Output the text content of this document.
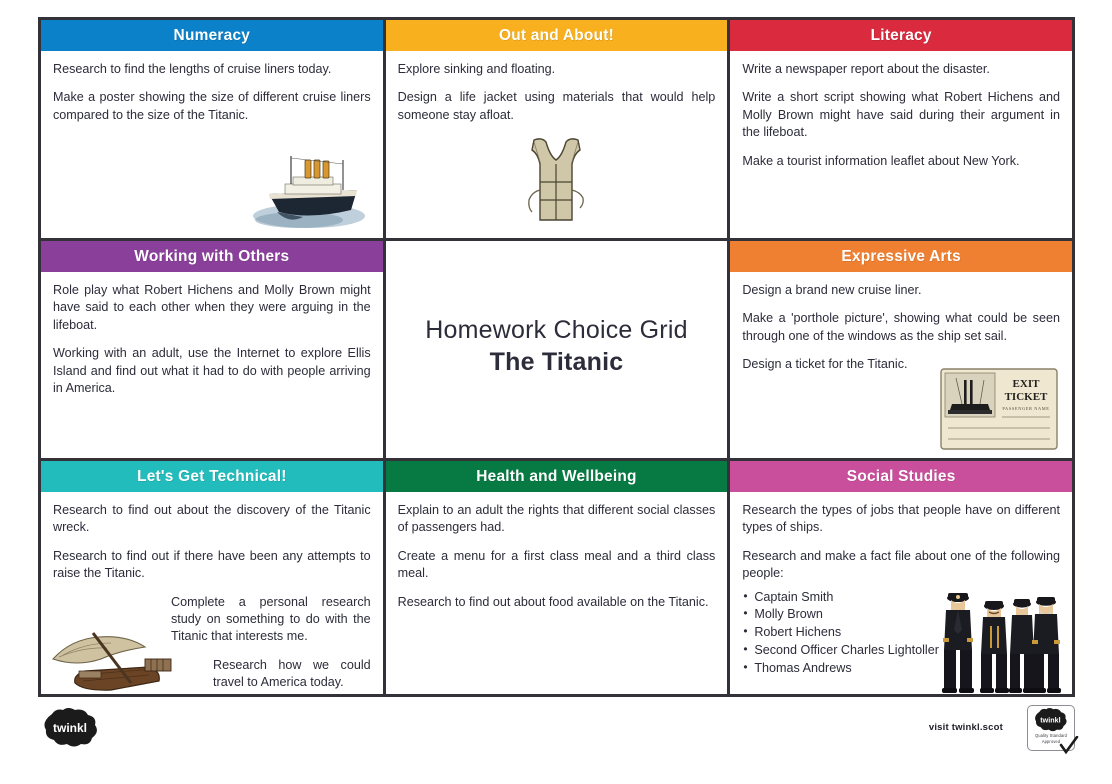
Numeracy

Research to find the lengths of cruise liners today.

Make a poster showing the size of different cruise liners compared to the size of the Titanic.

Out and About!

Explore sinking and floating.

Design a life jacket using materials that would help someone stay afloat.

Literacy

Write a newspaper report about the disaster.

Write a short script showing what Robert Hichens and Molly Brown might have said during their argument in the lifeboat.

Make a tourist information leaflet about New York.

Working with Others

Role play what Robert Hichens and Molly Brown might have said to each other when they were arguing in the lifeboat.

Working with an adult, use the Internet to explore Ellis Island and find out what it had to do with people arriving in America.

Homework Choice Grid
The Titanic
Expressive Arts

Design a brand new cruise liner.

Make a 'porthole picture', showing what could be seen through one of the windows as the ship set sail.

Design a ticket for the Titanic.

EXIT
TICKET
PASSENGER NAME
Let's Get Technical!

Research to find out about the discovery of the Titanic wreck.

Research to find out if there have been any attempts to raise the Titanic.

Complete a personal research study on something to do with the Titanic that interests me.

Research how we could travel to America today.

Health and Wellbeing

Explain to an adult the rights that different social classes of passengers had.

Create a menu for a first class meal and a third class meal.

Research to find out about food available on the Titanic.

Social Studies

Research the types of jobs that people have on different types of ships.

Research and make a fact file about one of the following people:

• Captain Smith
• Molly Brown
• Robert Hichens
• Second Officer Charles Lightoller
• Thomas Andrews
twinkl	visit twinkl.scot
twinkl
Quality Standard
Approved
